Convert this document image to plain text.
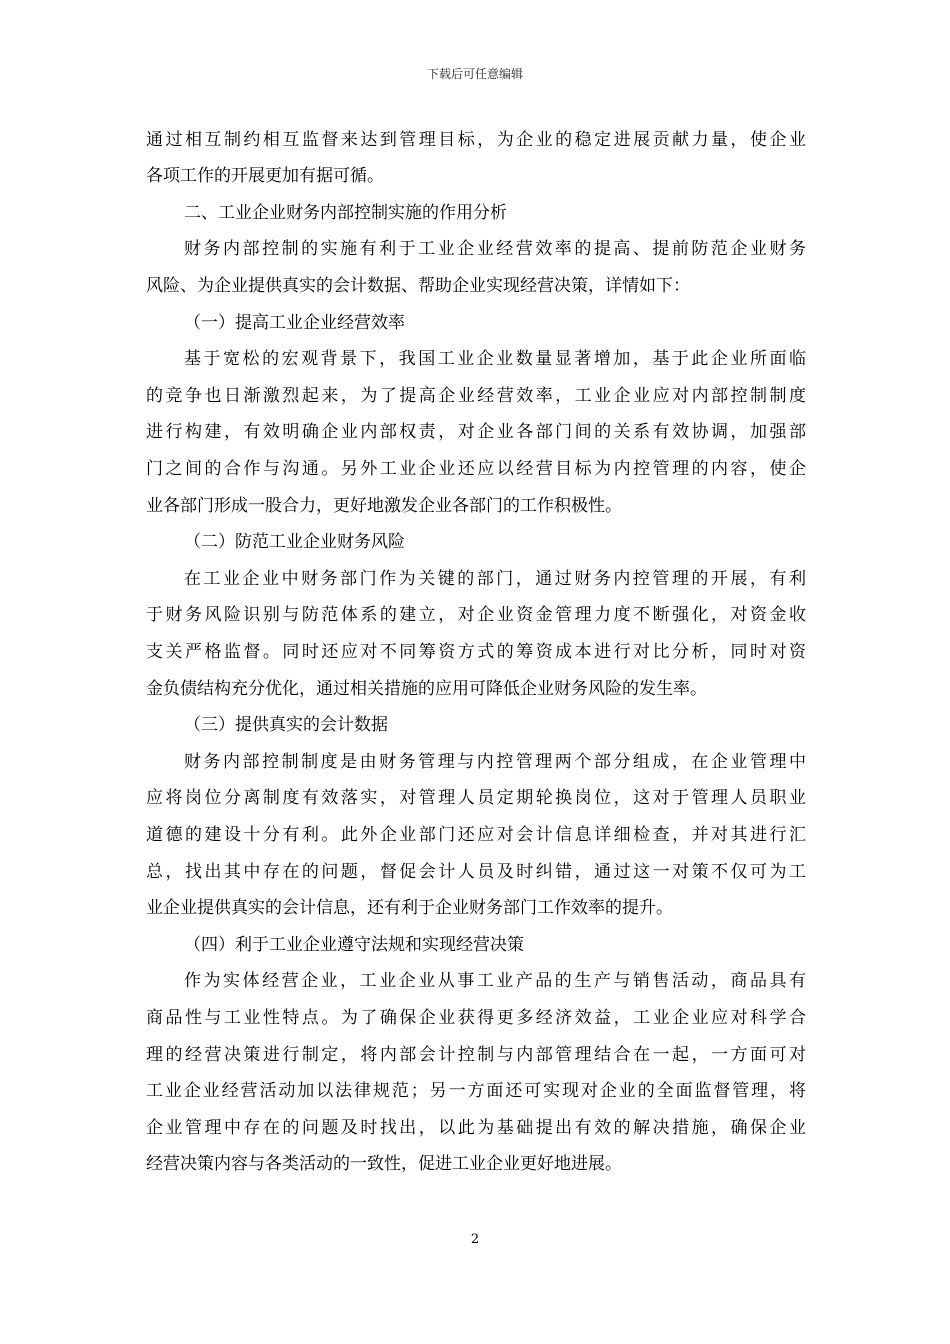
下载后可任意编辑
通过相互制约相互监督来达到管理目标，为企业的稳定进展贡献力量，使企业
各项工作的开展更加有据可循。
二、工业企业财务内部控制实施的作用分析
财务内部控制的实施有利于工业企业经营效率的提高、提前防范企业财务
风险、为企业提供真实的会计数据、帮助企业实现经营决策，详情如下：
（一）提高工业企业经营效率
基于宽松的宏观背景下，我国工业企业数量显著增加，基于此企业所面临
的竞争也日渐激烈起来，为了提高企业经营效率，工业企业应对内部控制制度
进行构建，有效明确企业内部权责，对企业各部门间的关系有效协调，加强部
门之间的合作与沟通。另外工业企业还应以经营目标为内控管理的内容，使企
业各部门形成一股合力，更好地激发企业各部门的工作积极性。
（二）防范工业企业财务风险
在工业企业中财务部门作为关键的部门，通过财务内控管理的开展，有利
于财务风险识别与防范体系的建立，对企业资金管理力度不断强化，对资金收
支关严格监督。同时还应对不同筹资方式的筹资成本进行对比分析，同时对资
金负债结构充分优化，通过相关措施的应用可降低企业财务风险的发生率。
（三）提供真实的会计数据
财务内部控制制度是由财务管理与内控管理两个部分组成，在企业管理中
应将岗位分离制度有效落实，对管理人员定期轮换岗位，这对于管理人员职业
道德的建设十分有利。此外企业部门还应对会计信息详细检查，并对其进行汇
总，找出其中存在的问题，督促会计人员及时纠错，通过这一对策不仅可为工
业企业提供真实的会计信息，还有利于企业财务部门工作效率的提升。
（四）利于工业企业遵守法规和实现经营决策
作为实体经营企业，工业企业从事工业产品的生产与销售活动，商品具有
商品性与工业性特点。为了确保企业获得更多经济效益，工业企业应对科学合
理的经营决策进行制定，将内部会计控制与内部管理结合在一起，一方面可对
工业企业经营活动加以法律规范；另一方面还可实现对企业的全面监督管理，将
企业管理中存在的问题及时找出，以此为基础提出有效的解决措施，确保企业
经营决策内容与各类活动的一致性，促进工业企业更好地进展。
2
